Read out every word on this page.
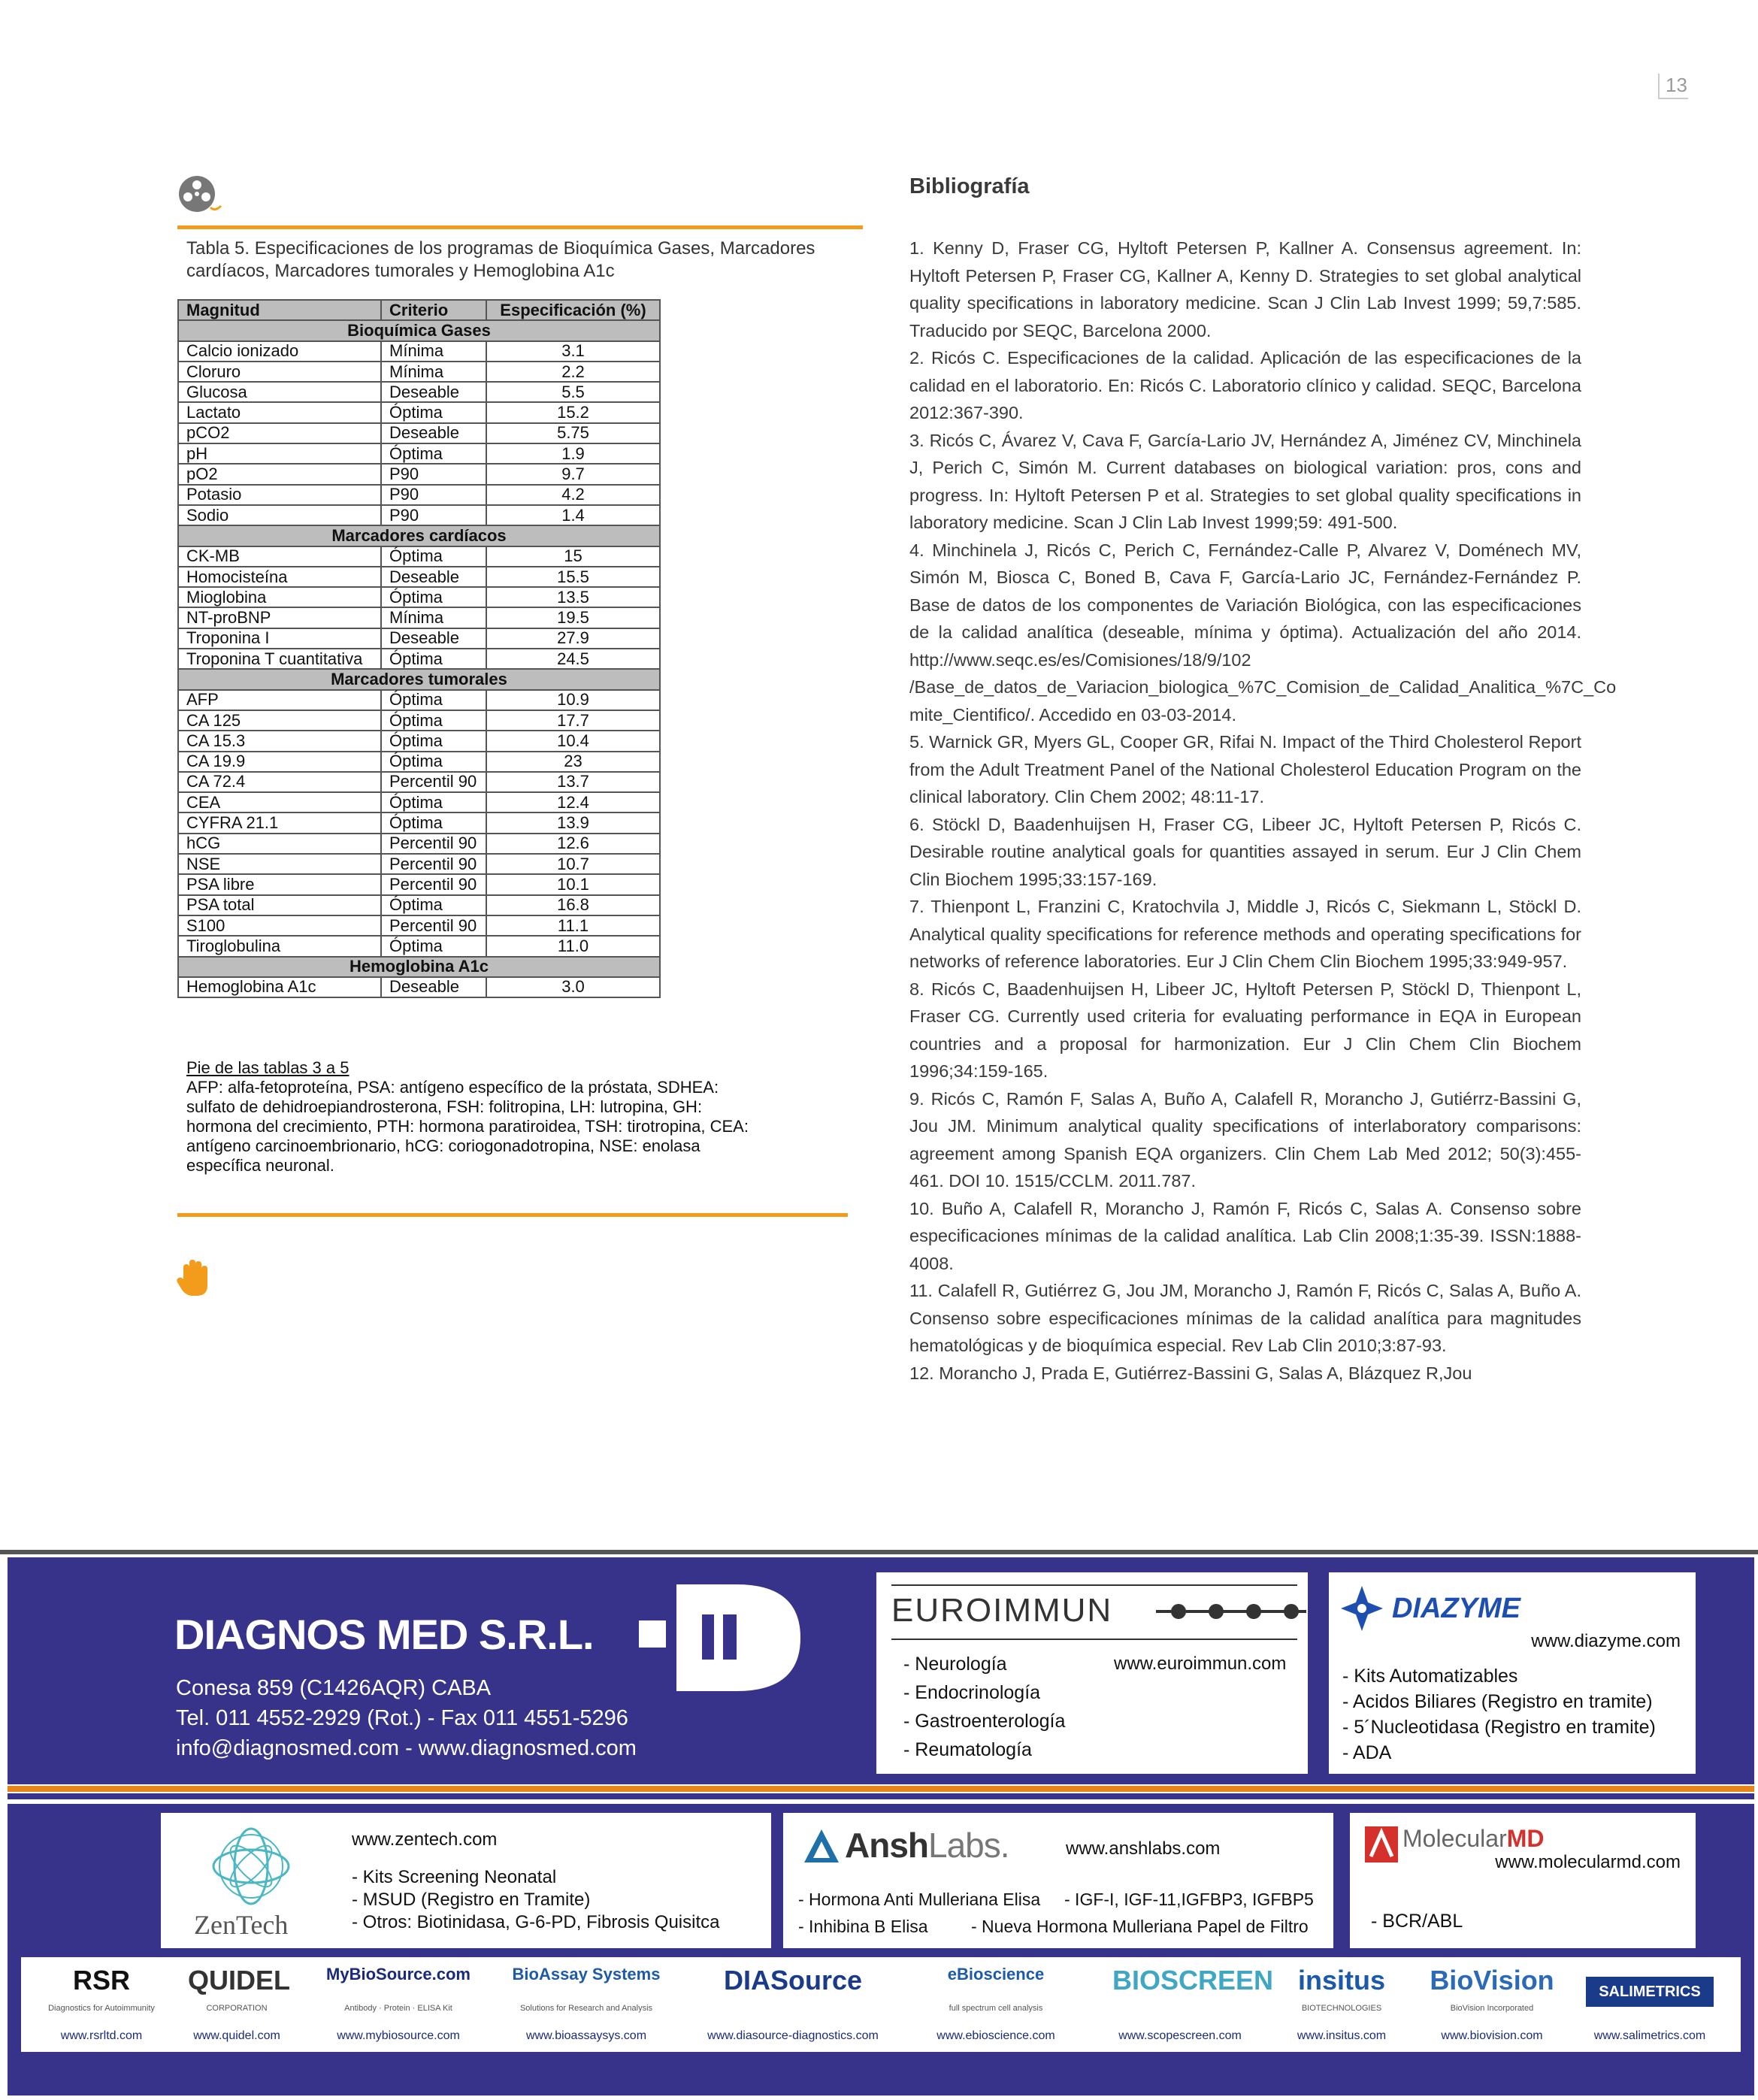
13
Tabla 5. Especificaciones de los programas de Bioquímica Gases, Marcadores cardíacos, Marcadores tumorales y Hemoglobina A1c
Magnitud	Criterio	Especificación (%)
Bioquímica Gases		
Calcio ionizado	Mínima	3.1
Cloruro	Mínima	2.2
Glucosa	Deseable	5.5
Lactato	Óptima	15.2
pCO2	Deseable	5.75
pH	Óptima	1.9
pO2	P90	9.7
Potasio	P90	4.2
Sodio	P90	1.4
Marcadores cardíacos		
CK-MB	Óptima	15
Homocisteína	Deseable	15.5
Mioglobina	Óptima	13.5
NT-proBNP	Mínima	19.5
Troponina I	Deseable	27.9
Troponina T cuantitativa	Óptima	24.5
Marcadores tumorales		
AFP	Óptima	10.9
CA 125	Óptima	17.7
CA 15.3	Óptima	10.4
CA 19.9	Óptima	23
CA 72.4	Percentil 90	13.7
CEA	Óptima	12.4
CYFRA 21.1	Óptima	13.9
hCG	Percentil 90	12.6
NSE	Percentil 90	10.7
PSA libre	Percentil 90	10.1
PSA total	Óptima	16.8
S100	Percentil 90	11.1
Tiroglobulina	Óptima	11.0
Hemoglobina A1c		
Hemoglobina A1c	Deseable	3.0
Pie de las tablas 3 a 5
AFP: alfa-fetoproteína, PSA: antígeno específico de la próstata, SDHEA: sulfato de dehidroepiandrosterona, FSH: folitropina, LH: lutropina, GH: hormona del crecimiento, PTH: hormona paratiroidea, TSH: tirotropina, CEA: antígeno carcinoembrionario, hCG: coriogonadotropina, NSE: enolasa específica neuronal.
Bibliografía

1. Kenny D, Fraser CG, Hyltoft Petersen P, Kallner A. Consensus agreement. In: Hyltoft Petersen P, Fraser CG, Kallner A, Kenny D. Strategies to set global analytical quality specifications in laboratory medicine. Scan J Clin Lab Invest 1999; 59,7:585. Traducido por SEQC, Barcelona 2000.

2. Ricós C. Especificaciones de la calidad. Aplicación de las especificaciones de la calidad en el laboratorio. En: Ricós C. Laboratorio clínico y calidad. SEQC, Barcelona 2012:367-390.

3. Ricós C, Ávarez V, Cava F, García-Lario JV, Hernández A, Jiménez CV, Minchinela J, Perich C, Simón M. Current databases on biological variation: pros, cons and progress. In: Hyltoft Petersen P et al. Strategies to set global quality specifications in laboratory medicine. Scan J Clin Lab Invest 1999;59: 491-500.

4. Minchinela J, Ricós C, Perich C, Fernández-Calle P, Alvarez V, Doménech MV, Simón M, Biosca C, Boned B, Cava F, García-Lario JC, Fernández-Fernández P. Base de datos de los componentes de Variación Biológica, con las especificaciones de la calidad analítica (deseable, mínima y óptima). Actualización del año 2014. http://www.seqc.es/es/Comisiones/18/9/102 /Base_de_datos_de_Variacion_biologica_%7C_Comision_de_Calidad_Analitica_%7C_Co mite_Cientifico/. Accedido en 03-03-2014.

5. Warnick GR, Myers GL, Cooper GR, Rifai N. Impact of the Third Cholesterol Report from the Adult Treatment Panel of the National Cholesterol Education Program on the clinical laboratory. Clin Chem 2002; 48:11-17.

6. Stöckl D, Baadenhuijsen H, Fraser CG, Libeer JC, Hyltoft Petersen P, Ricós C. Desirable routine analytical goals for quantities assayed in serum. Eur J Clin Chem Clin Biochem 1995;33:157-169.

7. Thienpont L, Franzini C, Kratochvila J, Middle J, Ricós C, Siekmann L, Stöckl D. Analytical quality specifications for reference methods and operating specifications for networks of reference laboratories. Eur J Clin Chem Clin Biochem 1995;33:949-957.

8. Ricós C, Baadenhuijsen H, Libeer JC, Hyltoft Petersen P, Stöckl D, Thienpont L, Fraser CG. Currently used criteria for evaluating performance in EQA in European countries and a proposal for harmonization. Eur J Clin Chem Clin Biochem 1996;34:159-165.

9. Ricós C, Ramón F, Salas A, Buño A, Calafell R, Morancho J, Gutiérrz-Bassini G, Jou JM. Minimum analytical quality specifications of interlaboratory comparisons: agreement among Spanish EQA organizers. Clin Chem Lab Med 2012; 50(3):455-461. DOI 10. 1515/CCLM. 2011.787.

10. Buño A, Calafell R, Morancho J, Ramón F, Ricós C, Salas A. Consenso sobre especificaciones mínimas de la calidad analítica. Lab Clin 2008;1:35-39. ISSN:1888-4008.

11. Calafell R, Gutiérrez G, Jou JM, Morancho J, Ramón F, Ricós C, Salas A, Buño A. Consenso sobre especificaciones mínimas de la calidad analítica para magnitudes hematológicas y de bioquímica especial. Rev Lab Clin 2010;3:87-93.

12. Morancho J, Prada E, Gutiérrez-Bassini G, Salas A, Blázquez R,Jou

DIAGNOS MED S.R.L.
Conesa 859 (C1426AQR) CABA
Tel. 011 4552-2929 (Rot.) - Fax 011 4551-5296
info@diagnosmed.com - www.diagnosmed.com
EUROIMMUN
www.euroimmun.com
- Neurología
- Endocrinología
- Gastroenterología
- Reumatología
DIAZYME
www.diazyme.com
- Kits Automatizables
- Acidos Biliares (Registro en tramite)
- 5´Nucleotidasa (Registro en tramite)
- ADA
ZenTech
www.zentech.com
- Kits Screening Neonatal
- MSUD (Registro en Tramite)
- Otros: Biotinidasa, G-6-PD, Fibrosis Quisitca
AnshLabs.	www.anshlabs.com
- Hormona Anti Mulleriana Elisa - IGF-I, IGF-11,IGFBP3, IGFBP5
- Inhibina B Elisa - Nueva Hormona Mulleriana Papel de Filtro
MolecularMD
www.molecularmd.com
- BCR/ABL
RSR
Diagnostics for Autoimmunity
www.rsrltd.com
QUIDEL
CORPORATION
www.quidel.com
MyBioSource.com
Antibody · Protein · ELISA Kit
www.mybiosource.com
BioAssay Systems
Solutions for Research and Analysis
www.bioassaysys.com
DIASource
www.diasource-diagnostics.com
eBioscience
full spectrum cell analysis
www.ebioscience.com
BIOSCREEN
www.scopescreen.com
insitus
BIOTECHNOLOGIES
www.insitus.com
BioVision
BioVision Incorporated
www.biovision.com
SALIMETRICS
www.salimetrics.com
